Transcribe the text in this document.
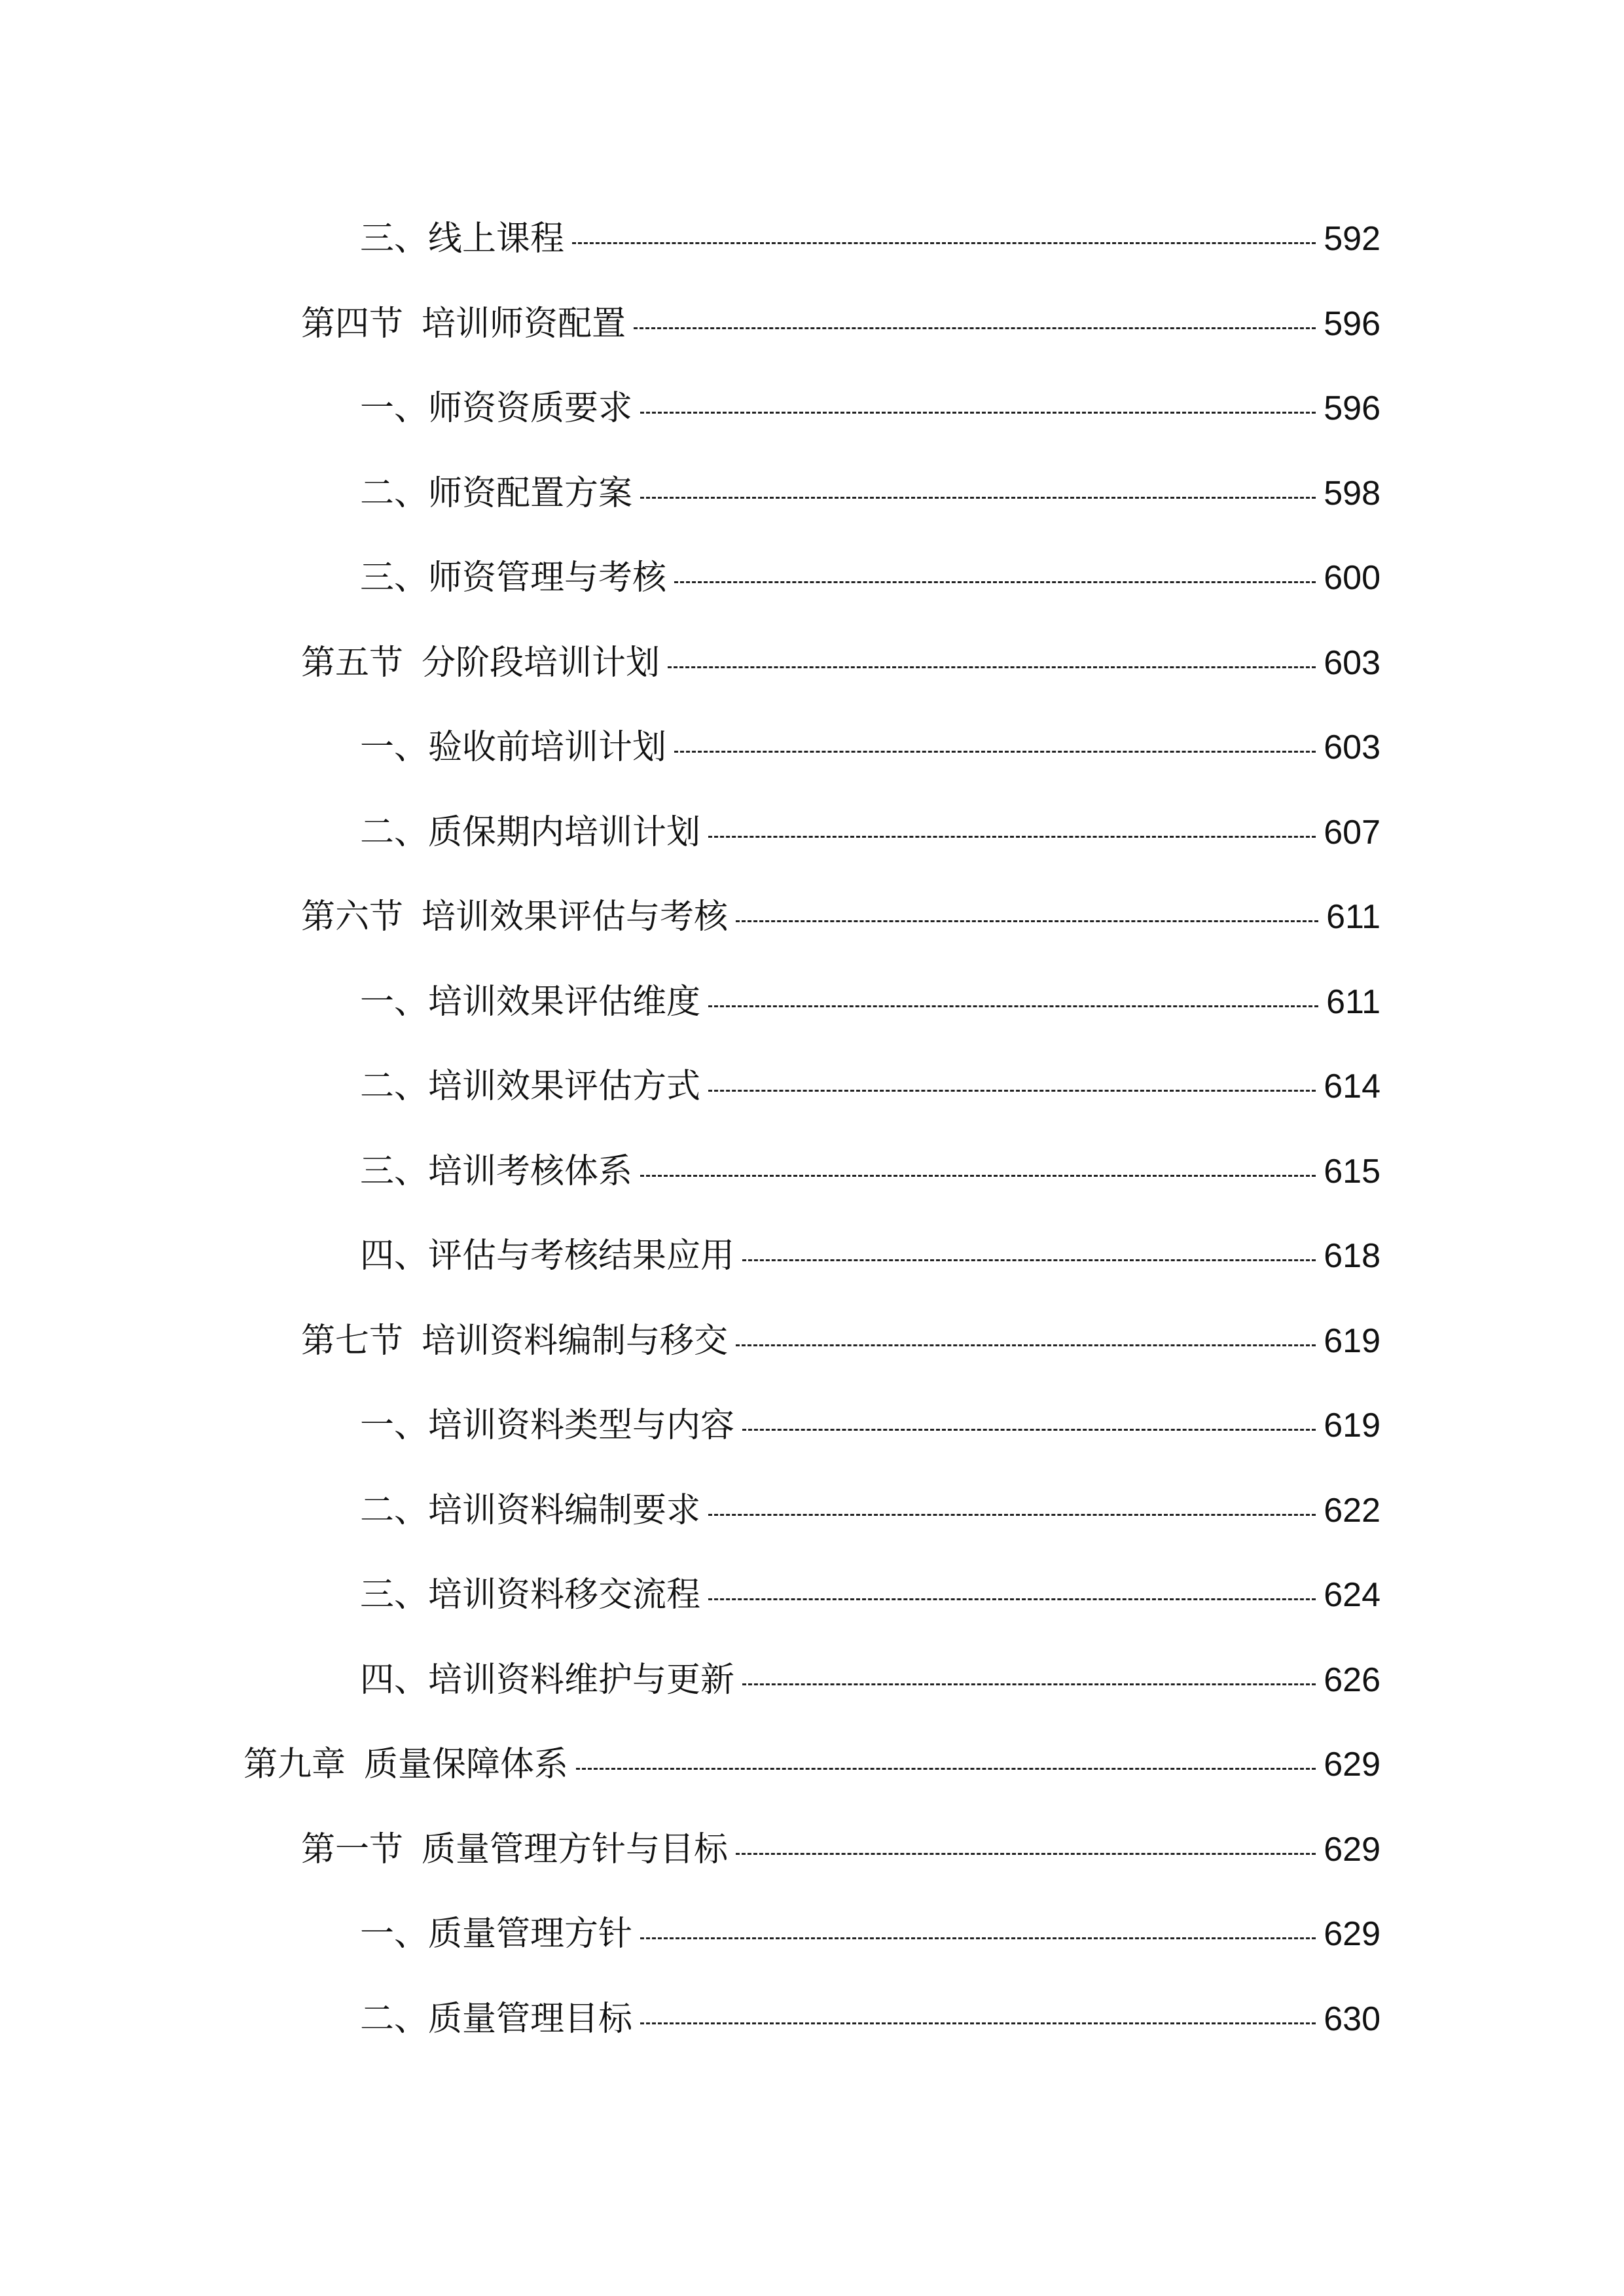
三、 线上课程	592
第四节 培训师资配置	596
一、 师资资质要求	596
二、 师资配置方案	598
三、 师资管理与考核	600
第五节 分阶段培训计划	603
一、 验收前培训计划	603
二、 质保期内培训计划	607
第六节 培训效果评估与考核	611
一、 培训效果评估维度	611
二、 培训效果评估方式	614
三、 培训考核体系	615
四、 评估与考核结果应用	618
第七节 培训资料编制与移交	619
一、 培训资料类型与内容	619
二、 培训资料编制要求	622
三、 培训资料移交流程	624
四、 培训资料维护与更新	626
第九章 质量保障体系	629
第一节 质量管理方针与目标	629
一、 质量管理方针	629
二、 质量管理目标	630
